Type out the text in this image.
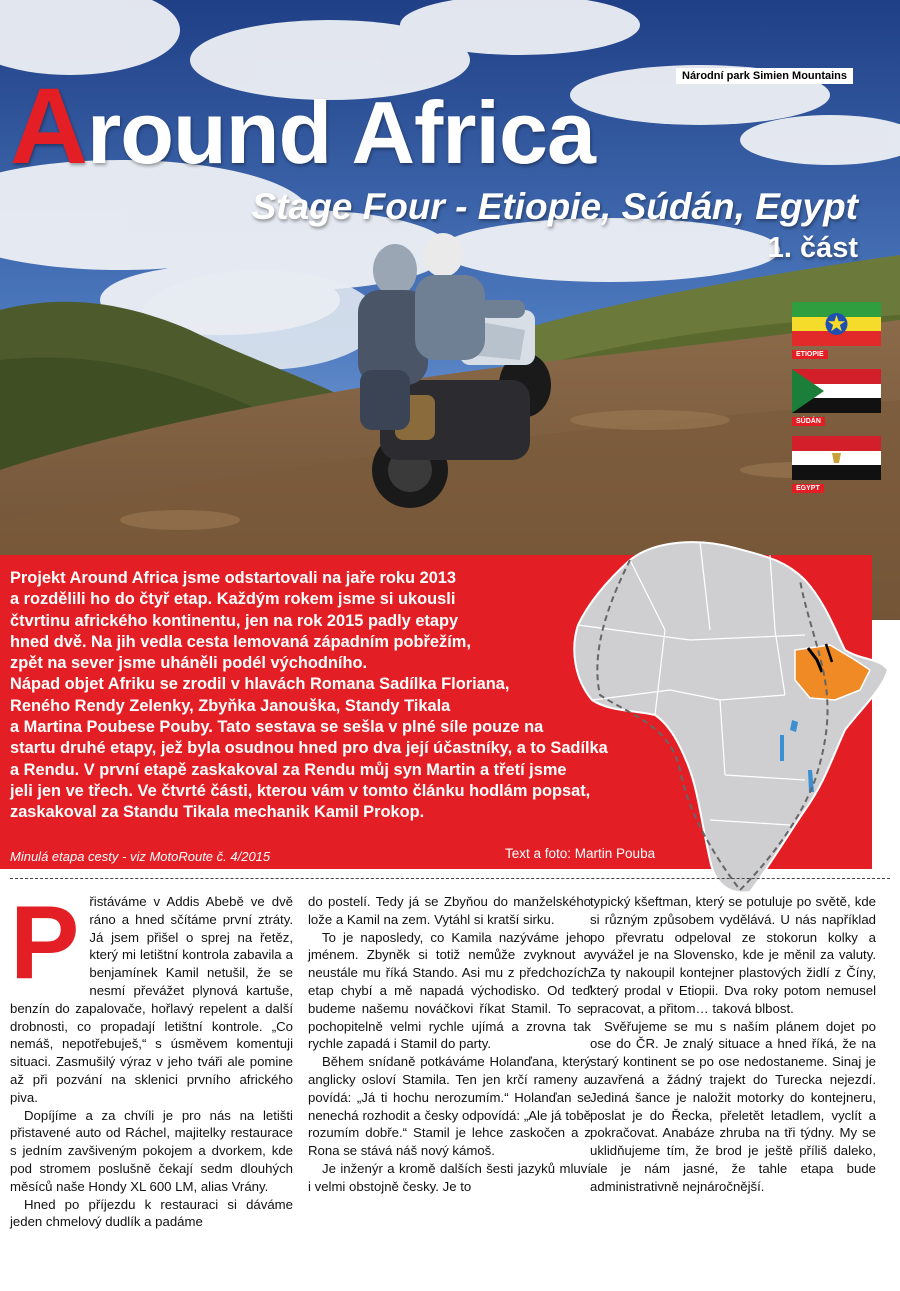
Národní park Simien Mountains
Around Africa
Stage Four - Etiopie, Súdán, Egypt
1. část
ETIOPIE
SÚDÁN
EGYPT

Projekt Around Africa jsme odstartovali na jaře roku 2013
a rozdělili ho do čtyř etap. Každým rokem jsme si ukousli
čtvrtinu afrického kontinentu, jen na rok 2015 padly etapy
hned dvě. Na jih vedla cesta lemovaná západním pobřežím,
zpět na sever jsme uháněli podél východního.
Nápad objet Afriku se zrodil v hlavách Romana Sadílka Floriana,
Reného Rendy Zelenky, Zbyňka Janouška, Standy Tikala
a Martina Poubese Pouby. Tato sestava se sešla v plné síle pouze na
startu druhé etapy, jež byla osudnou hned pro dva její účastníky, a to Sadílka
a Rendu. V první etapě zaskakoval za Rendu můj syn Martin a třetí jsme
jeli jen ve třech. Ve čtvrté části, kterou vám v tomto článku hodlám popsat,
zaskakoval za Standu Tikala mechanik Kamil Prokop.

Minulá etapa cesty - viz MotoRoute č. 4/2015	Text a foto: Martin Pouba
P řistáváme v Addis Abebě ve dvě ráno a hned sčítáme první ztráty. Já jsem přišel o sprej na řetěz, který mi letištní kontrola zabavila a benjamínek Kamil netušil, že se nesmí převážet plynová kartuše, benzín do zapalovače, hořlavý repelent a další drobnosti, co propadají letištní kontrole. „Co nemáš, nepotřebuješ,“ s úsměvem komentuji situaci. Zasmušilý výraz v jeho tváři ale pomine až při pozvání na sklenici prvního afrického piva.

Dopíjíme a za chvíli je pro nás na letišti přistavené auto od Ráchel, majitelky restaurace s jedním zavšiveným pokojem a dvorkem, kde pod stromem poslušně čekají sedm dlouhých měsíců naše Hondy XL 600 LM, alias Vrány.

Hned po příjezdu k restauraci si dáváme jeden chmelový dudlík a padáme

do postelí. Tedy já se Zbyňou do manželského lože a Kamil na zem. Vytáhl si kratší sirku.

To je naposledy, co Kamila nazýváme jeho jménem. Zbyněk si totiž nemůže zvyknout a neustále mu říká Stando. Asi mu z předchozích etap chybí a mě napadá východisko. Od teď budeme našemu nováčkovi říkat Stamil. To se pochopitelně velmi rychle ujímá a zrovna tak rychle zapadá i Stamil do party.

Během snídaně potkáváme Holanďana, který anglicky osloví Stamila. Ten jen krčí rameny a povídá: „Já ti hochu nerozumím.“ Holanďan se nenechá rozhodit a česky odpovídá: „Ale já tobě rozumím dobře.“ Stamil je lehce zaskočen a z Rona se stává náš nový kámoš.

Je inženýr a kromě dalších šesti jazyků mluví i velmi obstojně česky. Je to

typický kšeftman, který se potuluje po světě, kde si různým způsobem vydělává. U nás například po převratu odpeloval ze stokorun kolky a vyvážel je na Slovensko, kde je měnil za valuty. Za ty nakoupil kontejner plastových židlí z Číny, který prodal v Etiopii. Dva roky potom nemusel pracovat, a přitom… taková blbost.

Svěřujeme se mu s naším plánem dojet po ose do ČR. Je znalý situace a hned říká, že na starý kontinent se po ose nedostaneme. Sinaj je uzavřená a žádný trajekt do Turecka nejezdí. Jediná šance je naložit motorky do kontejneru, poslat je do Řecka, přeletět letadlem, vyclít a pokračovat. Anabáze zhruba na tři týdny. My se uklidňujeme tím, že brod je ještě příliš daleko, ale je nám jasné, že tahle etapa bude administrativně nejnáročnější.
